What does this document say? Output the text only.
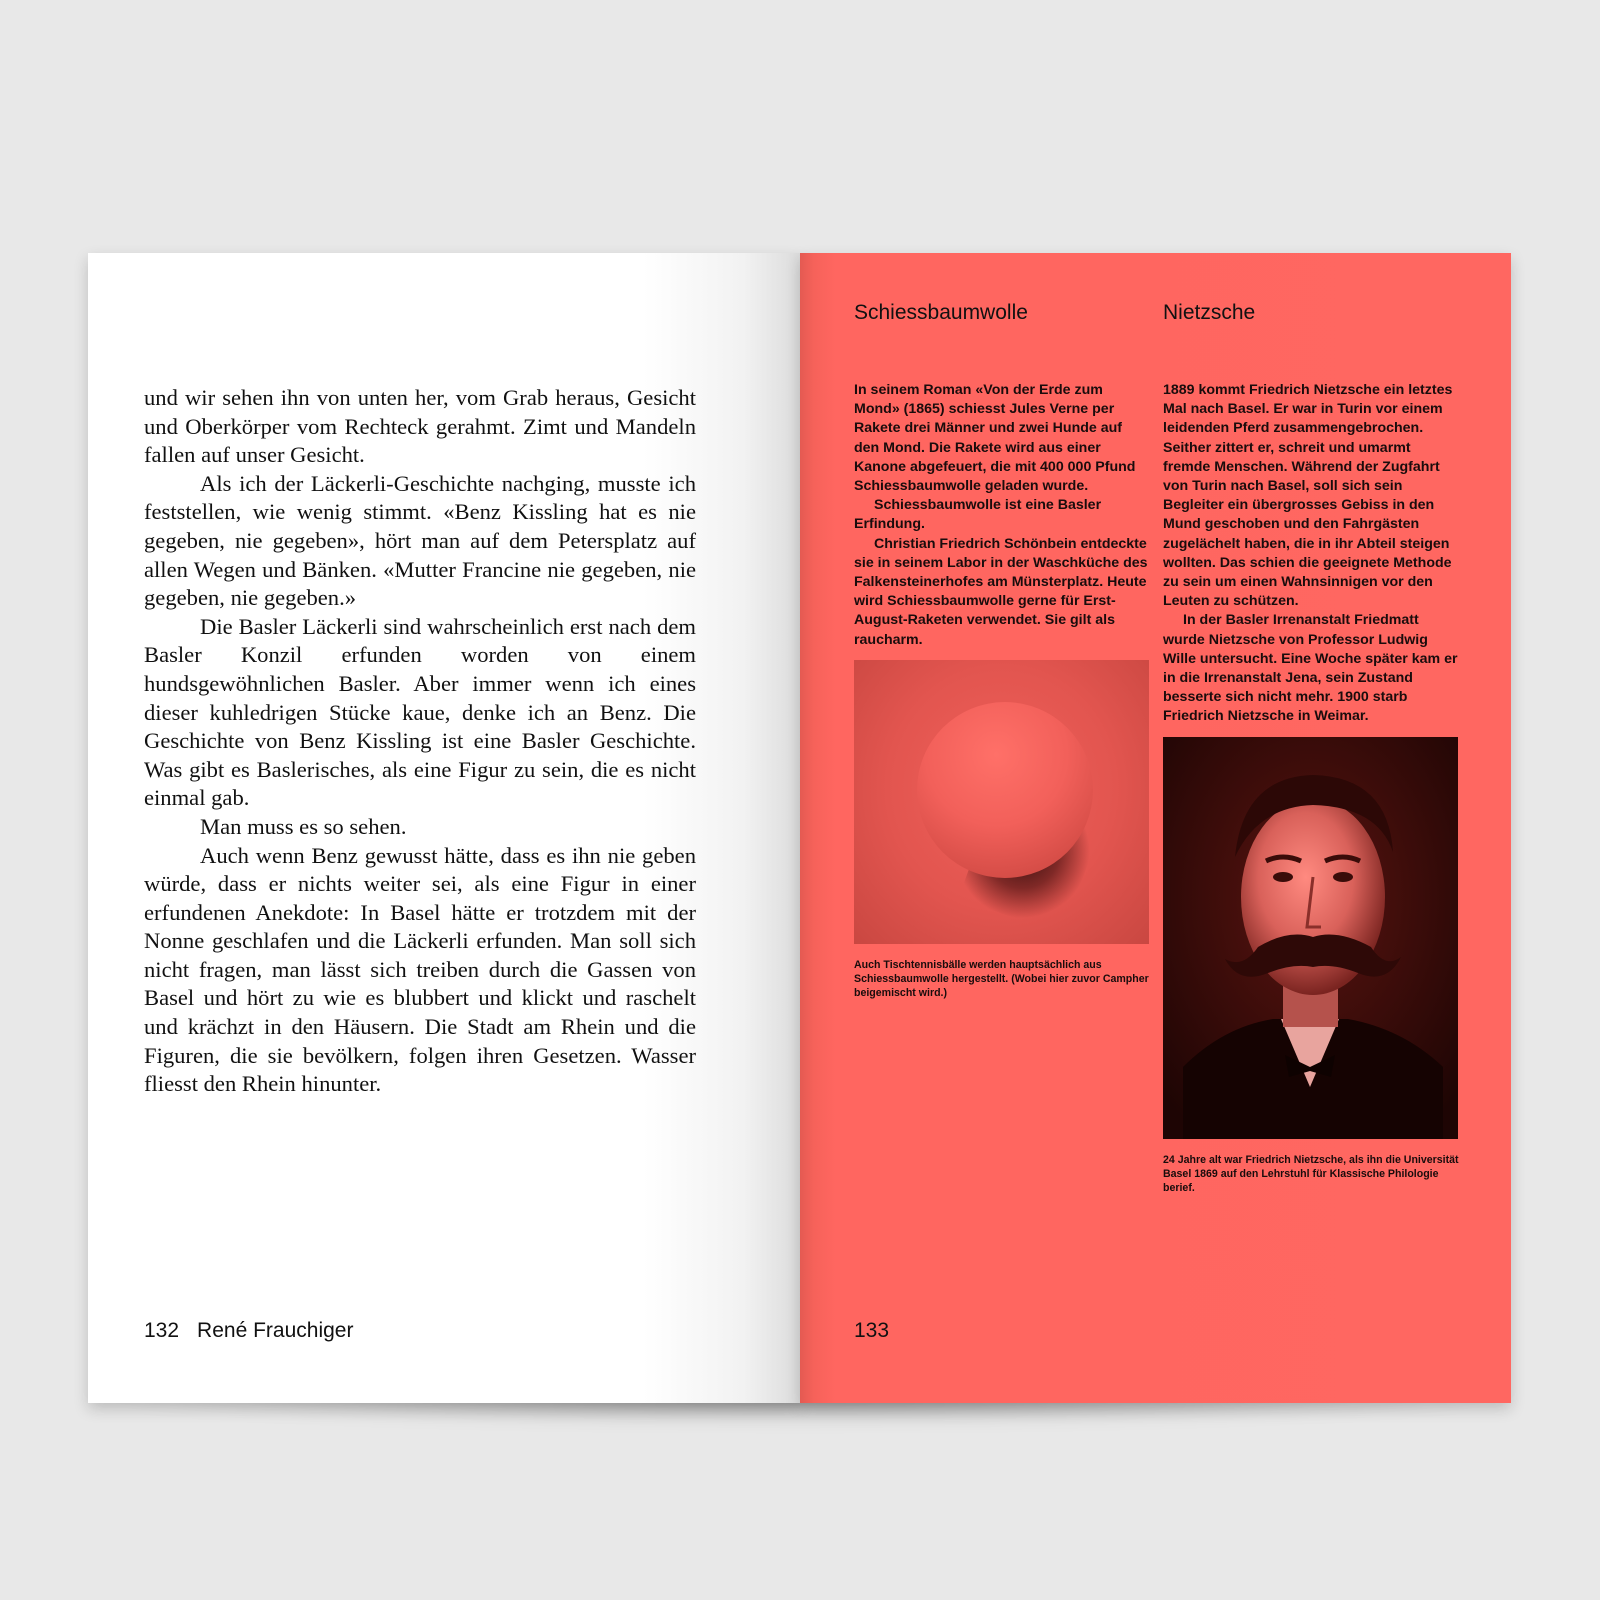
und wir sehen ihn von unten her, vom Grab heraus, Gesicht und Oberkörper vom Rechteck gerahmt. Zimt und Mandeln fallen auf unser Gesicht.

Als ich der Läckerli-Geschichte nachging, musste ich feststellen, wie wenig stimmt. «Benz Kissling hat es nie gegeben, nie gegeben», hört man auf dem Petersplatz auf allen Wegen und Bänken. «Mutter Francine nie gegeben, nie gegeben, nie gegeben.»

Die Basler Läckerli sind wahrscheinlich erst nach dem Basler Konzil erfunden worden von einem hundsgewöhnlichen Basler. Aber immer wenn ich eines dieser kuhledrigen Stücke kaue, denke ich an Benz. Die Geschichte von Benz Kissling ist eine Basler Geschichte. Was gibt es Baslerisches, als eine Figur zu sein, die es nicht einmal gab.

Man muss es so sehen.

Auch wenn Benz gewusst hätte, dass es ihn nie geben würde, dass er nichts weiter sei, als eine Figur in einer erfundenen Anekdote: In Basel hätte er trotzdem mit der Nonne geschlafen und die Läckerli erfunden. Man soll sich nicht fragen, man lässt sich treiben durch die Gassen von Basel und hört zu wie es blubbert und klickt und raschelt und krächzt in den Häusern. Die Stadt am Rhein und die Figuren, die sie bevölkern, folgen ihren Gesetzen. Wasser fliesst den Rhein hinunter.

132 René Frauchiger
Schiessbaumwolle

In seinem Roman «Von der Erde zum Mond» (1865) schiesst Jules Verne per Rakete drei Männer und zwei Hunde auf den Mond. Die Rakete wird aus einer Kanone abgefeuert, die mit 400 000 Pfund Schiessbaumwolle geladen wurde.

Schiessbaumwolle ist eine Basler Erfindung.

Christian Friedrich Schönbein entdeckte sie in seinem Labor in der Waschküche des Falkensteinerhofes am Münsterplatz. Heute wird Schiessbaumwolle gerne für Erst-August-Raketen verwendet. Sie gilt als raucharm.

Auch Tischtennisbälle werden hauptsächlich aus Schiessbaumwolle hergestellt. (Wobei hier zuvor Campher beigemischt wird.)
Nietzsche

1889 kommt Friedrich Nietzsche ein letztes Mal nach Basel. Er war in Turin vor einem leidenden Pferd zusammengebrochen. Seither zittert er, schreit und umarmt fremde Menschen. Während der Zugfahrt von Turin nach Basel, soll sich sein Begleiter ein übergrosses Gebiss in den Mund geschoben und den Fahrgästen zugelächelt haben, die in ihr Abteil steigen wollten. Das schien die geeignete Methode zu sein um einen Wahnsinnigen vor den Leuten zu schützen.

In der Basler Irrenanstalt Friedmatt wurde Nietzsche von Professor Ludwig Wille untersucht. Eine Woche später kam er in die Irrenanstalt Jena, sein Zustand besserte sich nicht mehr. 1900 starb Friedrich Nietzsche in Weimar.

24 Jahre alt war Friedrich Nietzsche, als ihn die Universität Basel 1869 auf den Lehrstuhl für Klassische Philologie berief.
133
